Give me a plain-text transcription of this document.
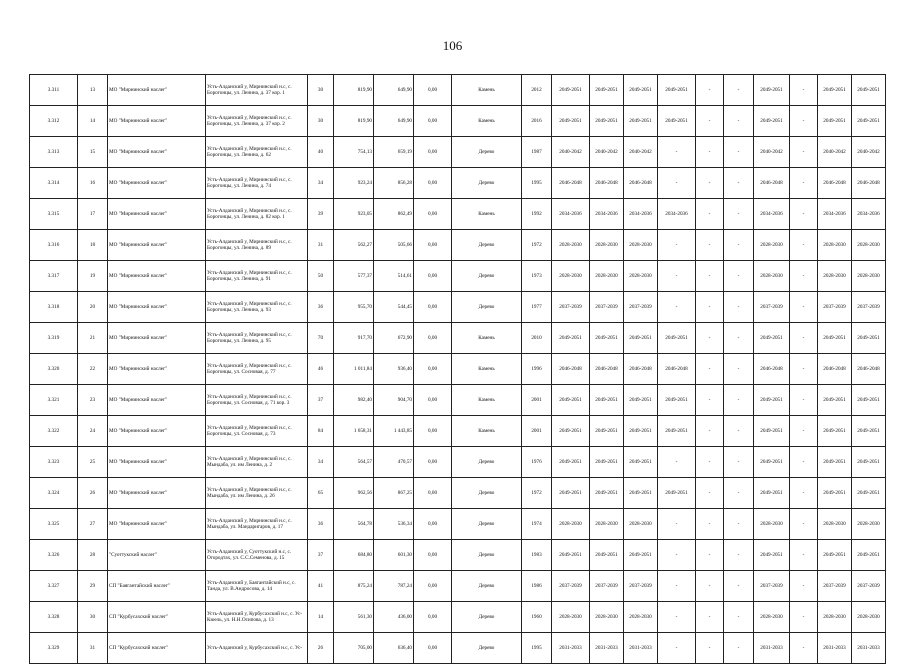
106
3.311	13	МО "Мирнинский наслег"	Усть-Алданский у, Мирнинский н.с, с. Борогонцы, ул. Ленина, д. 37 кор. 1	30	819,90	649,90	0,00	Камень	2012	2049-2051	2049-2051	2049-2051	2049-2051	-	-	2049-2051	-	2049-2051	2049-2051
3.312	14	МО "Мирнинский наслег"	Усть-Алданский у, Мирнинский н.с, с. Борогонцы, ул. Ленина, д. 37 кор. 2	30	819,90	649,90	0,00	Камень	2016	2049-2051	2049-2051	2049-2051	2049-2051	-	-	2049-2051	-	2049-2051	2049-2051
3.313	15	МО "Мирнинский наслег"	Усть-Алданский у, Мирнинский н.с, с. Борогонцы, ул. Ленина, д. 62	40	754,13	659,19	0,00	Дерево	1987	2040-2042	2040-2042	2040-2042	-	-	-	2040-2042	-	2040-2042	2040-2042
3.314	16	МО "Мирнинский наслег"	Усть-Алданский у, Мирнинский н.с, с. Борогонцы, ул. Ленина, д. 74	34	923,24	856,28	0,00	Дерево	1995	2046-2048	2046-2048	2046-2048	-	-	-	2046-2048	-	2046-2048	2046-2048
3.315	17	МО "Мирнинский наслег"	Усть-Алданский у, Мирнинский н.с, с. Борогонцы, ул. Ленина, д. 82 кор. 1	39	923,05	862,49	0,00	Камень	1992	2034-2036	2034-2036	2034-2036	2034-2036	-	-	2034-2036	-	2034-2036	2034-2036
3.316	18	МО "Мирнинский наслег"	Усть-Алданский у, Мирнинский н.с, с. Борогонцы, ул. Ленина, д. 89	31	562,27	505,66	0,00	Дерево	1972	2028-2030	2028-2030	2028-2030	-	-	-	2028-2030	-	2028-2030	2028-2030
3.317	19	МО "Мирнинский наслег"	Усть-Алданский у, Мирнинский н.с, с. Борогонцы, ул. Ленина, д. 91	50	577,37	514,61	0,00	Дерево	1973	2028-2030	2028-2030	2028-2030	-	-	-	2028-2030	-	2028-2030	2028-2030
3.318	20	МО "Мирнинский наслег"	Усть-Алданский у, Мирнинский н.с, с. Борогонцы, ул. Ленина, д. 93	36	955,70	544,45	0,00	Дерево	1977	2037-2039	2037-2039	2037-2039	-	-	-	2037-2039	-	2037-2039	2037-2039
3.319	21	МО "Мирнинский наслег"	Усть-Алданский у, Мирнинский н.с, с. Борогонцы, ул. Ленина, д. 95	70	917,70	672,90	0,00	Камень	2010	2049-2051	2049-2051	2049-2051	2049-2051	-	-	2049-2051	-	2049-2051	2049-2051
3.320	22	МО "Мирнинский наслег"	Усть-Алданский у, Мирнинский н.с, с. Борогонцы, ул. Сосновая, д. 77	46	1 011,84	936,40	0,00	Камень	1996	2046-2048	2046-2048	2046-2048	2046-2048	-	-	2046-2048	-	2046-2048	2046-2048
3.321	23	МО "Мирнинский наслег"	Усть-Алданский у, Мирнинский н.с, с. Борогонцы, ул. Сосновая, д. 71 кор. 3	37	982,40	904,70	0,00	Камень	2001	2049-2051	2049-2051	2049-2051	2049-2051	-	-	2049-2051	-	2049-2051	2049-2051
3.322	24	МО "Мирнинский наслег"	Усть-Алданский у, Мирнинский н.с, с. Борогонцы, ул. Сосновая, д. 73	84	1 658,31	1 443,85	0,00	Камень	2001	2049-2051	2049-2051	2049-2051	2049-2051	-	-	2049-2051	-	2049-2051	2049-2051
3.323	25	МО "Мирнинский наслег"	Усть-Алданский у, Мирнинский н.с, с. Мындаба, ул. им Ленина, д. 2	34	564,57	470,57	0,00	Дерево	1976	2049-2051	2049-2051	2049-2051	-	-	-	2049-2051	-	2049-2051	2049-2051
3.324	26	МО "Мирнинский наслег"	Усть-Алданский у, Мирнинский н.с, с. Мындаба, ул. им Ленина, д. 26	65	962,56	867,25	0,00	Дерево	1972	2049-2051	2049-2051	2049-2051	2049-2051	-	-	2049-2051	-	2049-2051	2049-2051
3.325	27	МО "Мирнинский наслег"	Усть-Алданский у, Мирнинский н.с, с. Мындаба, ул. Мандаригаров, д. 17	36	564,78	536,34	0,00	Дерево	1974	2028-2030	2028-2030	2028-2030	-	-	-	2028-2030	-	2028-2030	2028-2030
3.326	28	"Суоттукский наслег"	Усть-Алданский у, Суоттукский н.с, с. Огородтах, ул. С.С.Семенова, д. 15	37	684,80	601,30	0,00	Дерево	1983	2049-2051	2049-2051	2049-2051	-	-	-	2049-2051	-	2049-2051	2049-2051
3.327	29	СП "Баягантайский наслег"	Усть-Алданский у, Баягантайский н.с, с. Танда, ул. В.Андросова, д. 14	41	875,24	787,24	0,00	Дерево	1986	2037-2039	2037-2039	2037-2039	-	-	-	2037-2039	-	2037-2039	2037-2039
3.328	30	СП "Курбусахский наслег"	Усть-Алданский у, Курбусахский н.с, с. Ус-Кюель, ул. Н.Н.Осипова, д. 13	14	561,30	436,00	0,00	Дерево	1960	2028-2030	2028-2030	2028-2030	-	-	-	2028-2030	-	2028-2030	2028-2030
3.329	31	СП "Курбусахский наслег"	Усть-Алданский у, Курбусахский н.с, с. Ус-	26	705,00	636,40	0,00	Дерево	1995	2031-2033	2031-2033	2031-2033	-	-	-	2031-2033	-	2031-2033	2031-2033
